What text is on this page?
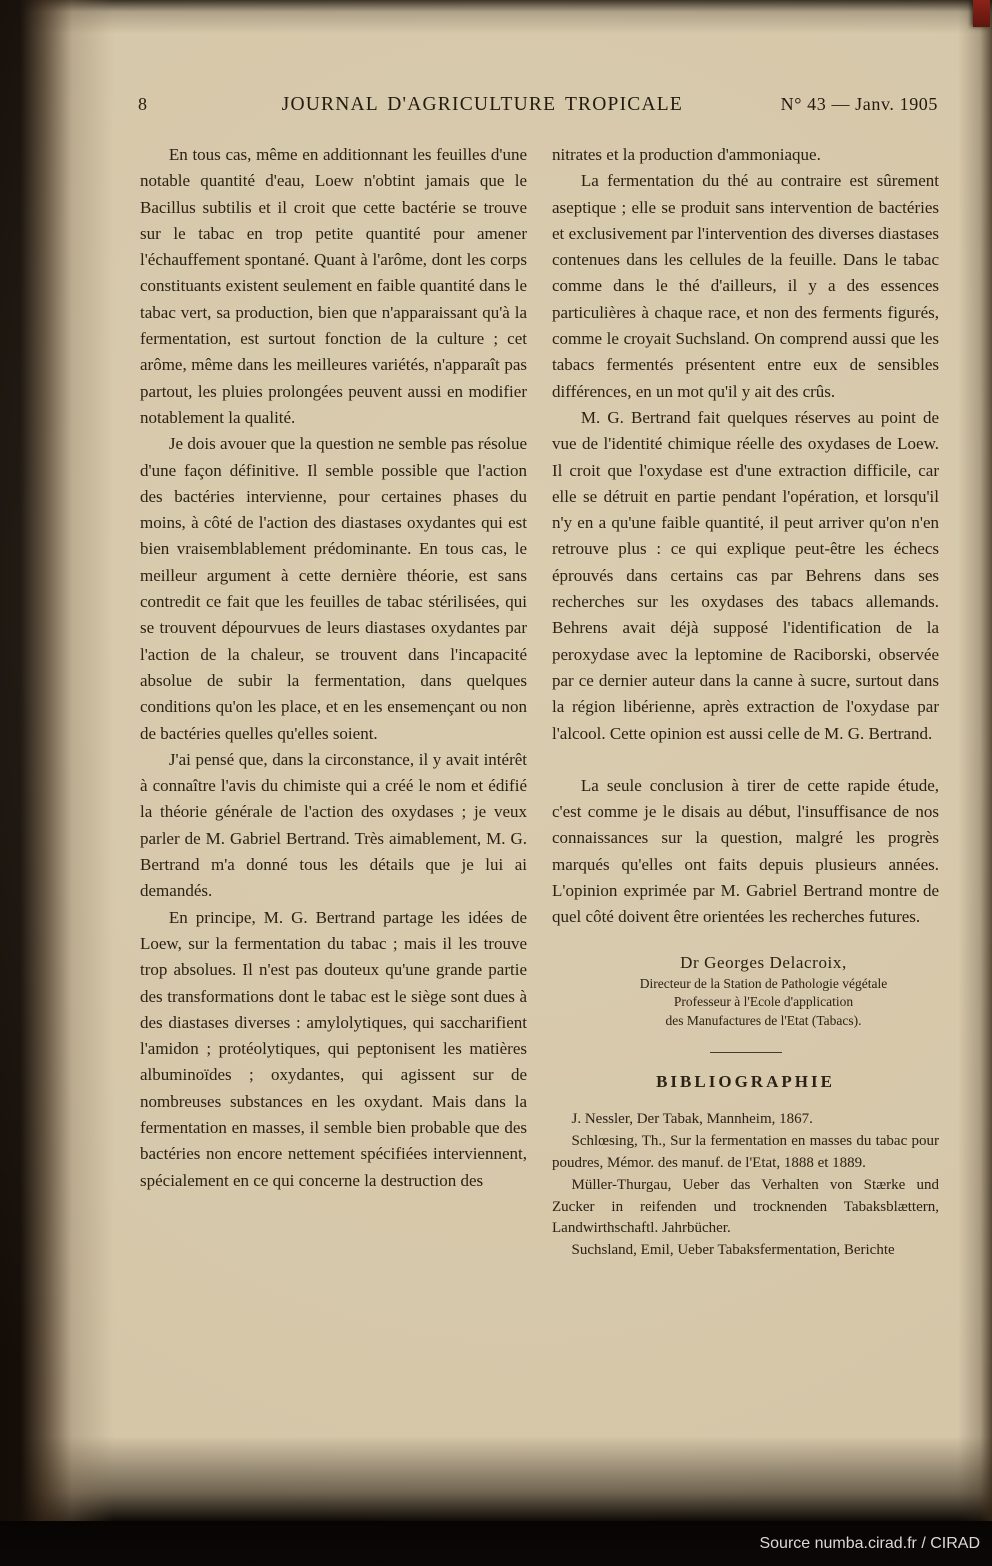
8	JOURNAL D'AGRICULTURE TROPICALE	N° 43 — Janv. 1905

En tous cas, même en additionnant les feuilles d'une notable quantité d'eau, Loew n'obtint jamais que le Bacillus subtilis et il croit que cette bactérie se trouve sur le tabac en trop petite quantité pour amener l'échauffement spontané. Quant à l'arôme, dont les corps constituants existent seulement en faible quantité dans le tabac vert, sa production, bien que n'apparaissant qu'à la fermentation, est surtout fonction de la culture ; cet arôme, même dans les meilleures variétés, n'apparaît pas partout, les pluies prolongées peuvent aussi en modifier notablement la qualité.

Je dois avouer que la question ne semble pas résolue d'une façon définitive. Il semble possible que l'action des bactéries intervienne, pour certaines phases du moins, à côté de l'action des diastases oxydantes qui est bien vraisemblablement prédominante. En tous cas, le meilleur argument à cette dernière théorie, est sans contredit ce fait que les feuilles de tabac stérilisées, qui se trouvent dépourvues de leurs diastases oxydantes par l'action de la chaleur, se trouvent dans l'incapacité absolue de subir la fermentation, dans quelques conditions qu'on les place, et en les ensemençant ou non de bactéries quelles qu'elles soient.

J'ai pensé que, dans la circonstance, il y avait intérêt à connaître l'avis du chimiste qui a créé le nom et édifié la théorie générale de l'action des oxydases ; je veux parler de M. Gabriel Bertrand. Très aimablement, M. G. Bertrand m'a donné tous les détails que je lui ai demandés.

En principe, M. G. Bertrand partage les idées de Loew, sur la fermentation du tabac ; mais il les trouve trop absolues. Il n'est pas douteux qu'une grande partie des transformations dont le tabac est le siège sont dues à des diastases diverses : amylolytiques, qui saccharifient l'amidon ; protéolytiques, qui peptonisent les matières albuminoïdes ; oxydantes, qui agissent sur de nombreuses substances en les oxydant. Mais dans la fermentation en masses, il semble bien probable que des bactéries non encore nettement spécifiées interviennent, spécialement en ce qui concerne la destruction des

nitrates et la production d'ammoniaque.

La fermentation du thé au contraire est sûrement aseptique ; elle se produit sans intervention de bactéries et exclusivement par l'intervention des diverses diastases contenues dans les cellules de la feuille. Dans le tabac comme dans le thé d'ailleurs, il y a des essences particulières à chaque race, et non des ferments figurés, comme le croyait Suchsland. On comprend aussi que les tabacs fermentés présentent entre eux de sensibles différences, en un mot qu'il y ait des crûs.

M. G. Bertrand fait quelques réserves au point de vue de l'identité chimique réelle des oxydases de Loew. Il croit que l'oxydase est d'une extraction difficile, car elle se détruit en partie pendant l'opération, et lorsqu'il n'y en a qu'une faible quantité, il peut arriver qu'on n'en retrouve plus : ce qui explique peut-être les échecs éprouvés dans certains cas par Behrens dans ses recherches sur les oxydases des tabacs allemands. Behrens avait déjà supposé l'identification de la peroxydase avec la leptomine de Raciborski, observée par ce dernier auteur dans la canne à sucre, surtout dans la région libérienne, après extraction de l'oxydase par l'alcool. Cette opinion est aussi celle de M. G. Bertrand.

La seule conclusion à tirer de cette rapide étude, c'est comme je le disais au début, l'insuffisance de nos connaissances sur la question, malgré les progrès marqués qu'elles ont faits depuis plusieurs années. L'opinion exprimée par M. Gabriel Bertrand montre de quel côté doivent être orientées les recherches futures.

Dr Georges Delacroix,
Directeur de la Station de Pathologie végétale
Professeur à l'Ecole d'application
des Manufactures de l'Etat (Tabacs).
BIBLIOGRAPHIE

J. Nessler, Der Tabak, Mannheim, 1867.

Schlœsing, Th., Sur la fermentation en masses du tabac pour poudres, Mémor. des manuf. de l'Etat, 1888 et 1889.

Müller-Thurgau, Ueber das Verhalten von Stærke und Zucker in reifenden und trocknenden Tabaksblættern, Landwirthschaftl. Jahrbücher.

Suchsland, Emil, Ueber Tabaksfermentation, Berichte

Source numba.cirad.fr / CIRAD
